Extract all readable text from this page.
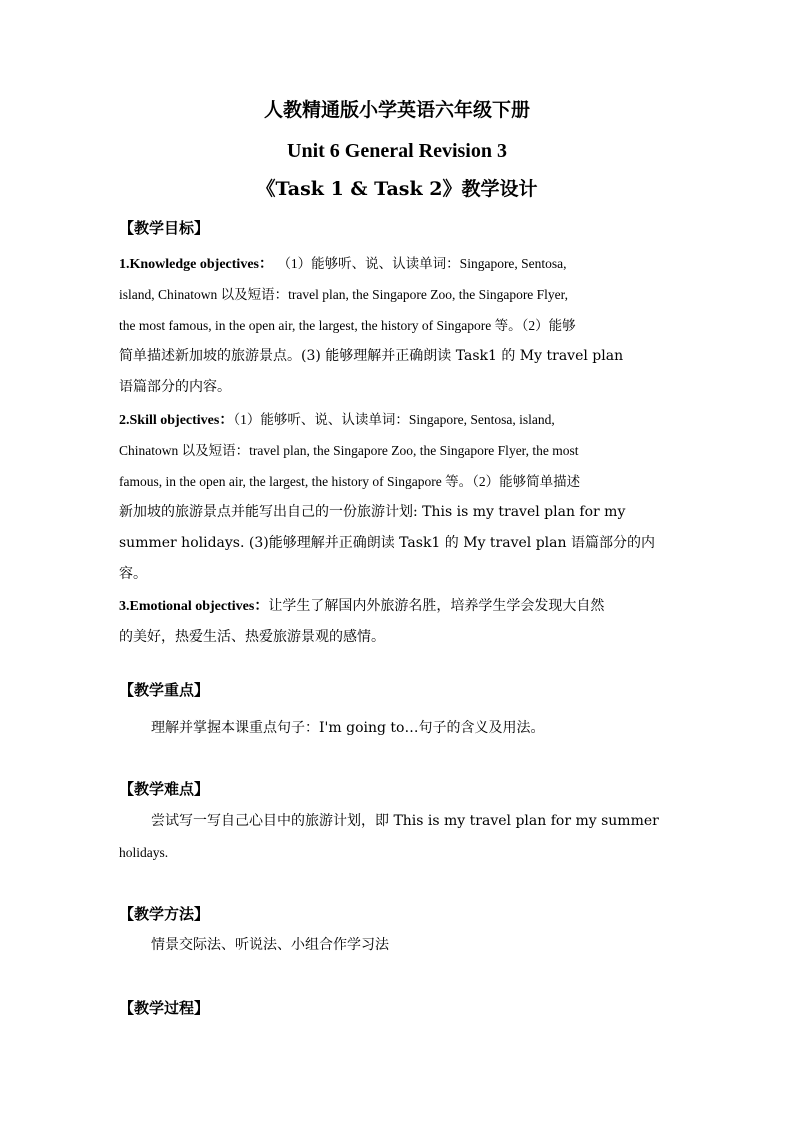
人教精通版小学英语六年级下册
Unit 6 General Revision 3
《Task 1 & Task 2》教学设计
【教学目标】
1.Knowledge objectives： （1）能够听、说、认读单词：Singapore, Sentosa,
island, Chinatown 以及短语：travel plan, the Singapore Zoo, the Singapore Flyer,
the most famous, in the open air, the largest, the history of Singapore 等。（2）能够
简单描述新加坡的旅游景点。(3) 能够理解并正确朗读 Task1 的 My travel plan
语篇部分的内容。
2.Skill objectives：（1）能够听、说、认读单词：Singapore, Sentosa, island,
Chinatown 以及短语：travel plan, the Singapore Zoo, the Singapore Flyer, the most
famous, in the open air, the largest, the history of Singapore 等。（2）能够简单描述
新加坡的旅游景点并能写出自己的一份旅游计划: This is my travel plan for my
summer holidays. (3)能够理解并正确朗读 Task1 的 My travel plan 语篇部分的内
容。
3.Emotional objectives：让学生了解国内外旅游名胜，培养学生学会发现大自然
的美好，热爱生活、热爱旅游景观的感情。
【教学重点】
理解并掌握本课重点句子：I'm going to…句子的含义及用法。
【教学难点】
尝试写一写自己心目中的旅游计划，即 This is my travel plan for my summer
holidays.
【教学方法】
情景交际法、听说法、小组合作学习法
【教学过程】
